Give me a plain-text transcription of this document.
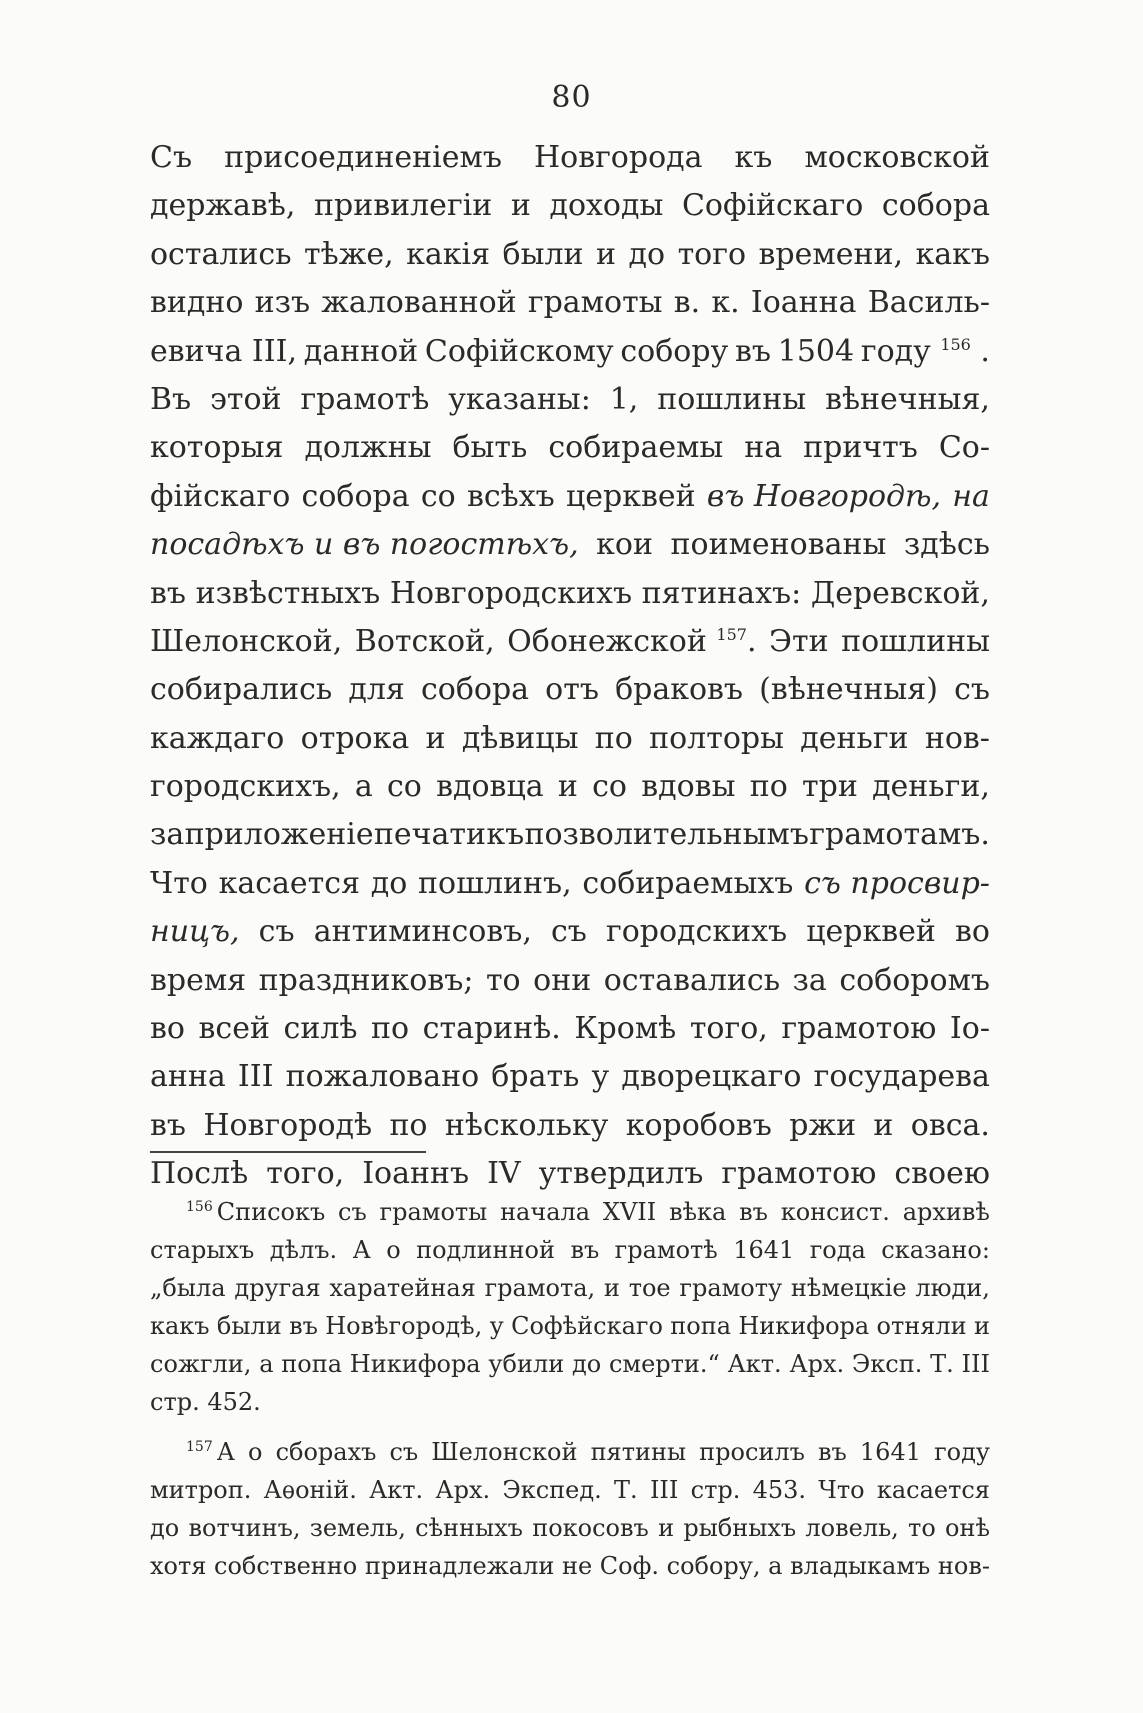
80
Съ присоединеніемъ Новгорода къ московской
державѣ, привилегіи и доходы Софійскаго собора
остались тѣже, какія были и до того времени, какъ
видно изъ жалованной грамоты в. к. Іоанна Василь-
евича III, данной Софійскому собору въ 1504 году $^{156}$ .
Въ этой грамотѣ указаны: 1, пошлины вѣнечныя,
которыя должны быть собираемы на причтъ Со-
фійскаго собора со всѣхъ церквей въ Новгородѣ, на
посадѣхъ и въ погостѣхъ, кои поименованы здѣсь
въ извѣстныхъ Новгородскихъ пятинахъ: Деревской,
Шелонской, Вотской, Обонежской $^{157}$. Эти пошлины
собирались для собора отъ браковъ (вѣнечныя) съ
каждаго отрока и дѣвицы по полторы деньги нов-
городскихъ, а со вдовца и со вдовы по три деньги,
за приложеніе печати къ позволительнымъ грамотамъ.
Что касается до пошлинъ, собираемыхъ съ просвир-
ницъ, съ антиминсовъ, съ городскихъ церквей во
время праздниковъ; то они оставались за соборомъ
во всей силѣ по старинѣ. Кромѣ того, грамотою Іо-
анна III пожаловано брать у дворецкаго государева
въ Новгородѣ по нѣскольку коробовъ ржи и овса.
Послѣ того, Іоаннъ IV утвердилъ грамотою своею
$^{156}$ Списокъ съ грамоты начала XVII вѣка въ консист. архивѣ
старыхъ дѣлъ. А о подлинной въ грамотѣ 1641 года сказано:
„была другая харатейная грамота, и тое грамоту нѣмецкіе люди,
какъ были въ Новѣгородѣ, у Софѣйскаго попа Никифора отняли и
сожгли, а попа Никифора убили до смерти.“ Акт. Арх. Эксп. Т. III
стр. 452.
$^{157}$ А о сборахъ съ Шелонской пятины просилъ въ 1641 году
митроп. Аѳоній. Акт. Арх. Экспед. Т. III стр. 453. Что касается
до вотчинъ, земель, сѣнныхъ покосовъ и рыбныхъ ловель, то онѣ
хотя собственно принадлежали не Соф. собору, а владыкамъ нов-
